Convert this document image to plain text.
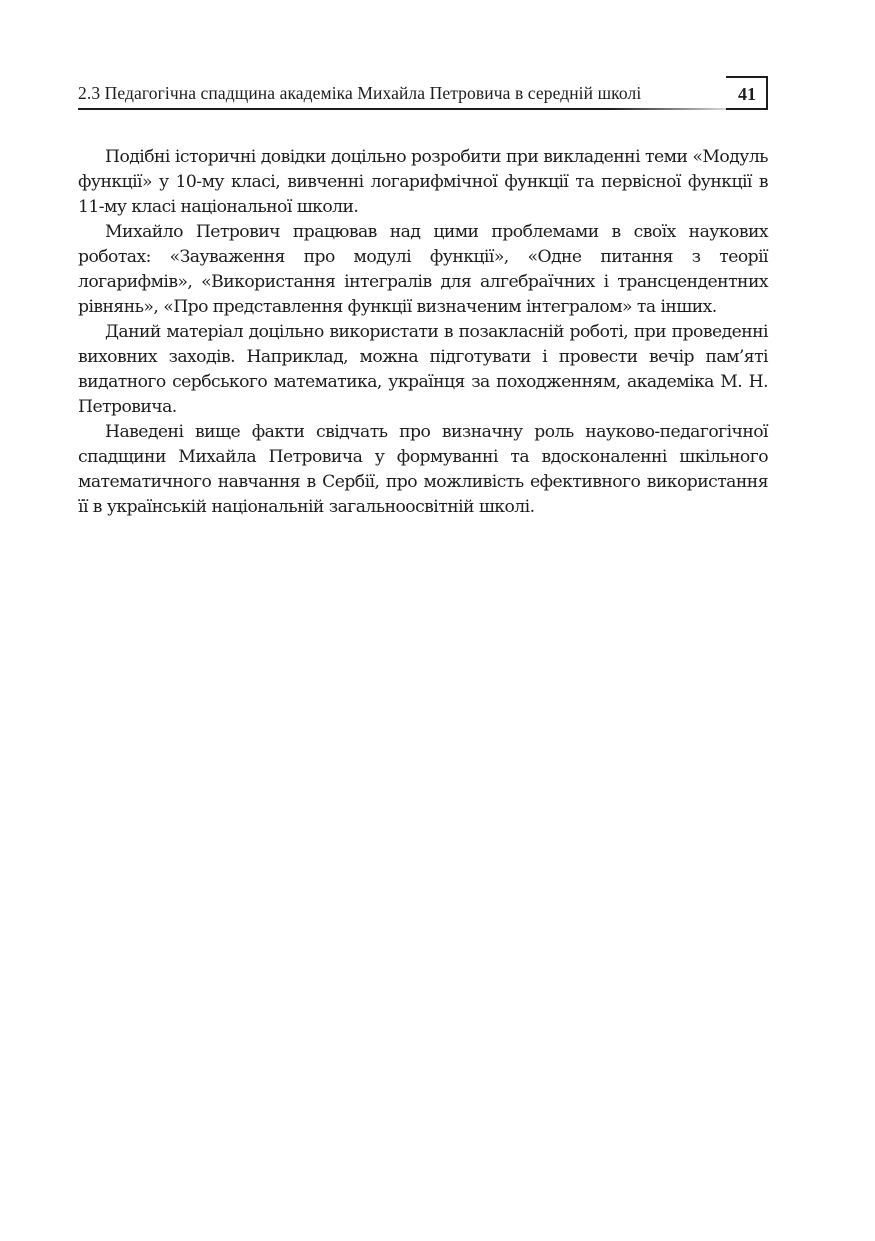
2.3 Педагогічна спадщина академіка Михайла Петровича в середній школі	41

Подібні історичні довідки доцільно розробити при викладенні теми «Модуль функції» у 10-му класі, вивченні логарифмічної функції та первісної функції в 11-му класі національної школи.

Михайло Петрович працював над цими проблемами в своїх наукових роботах: «Зауваження про модулі функції», «Одне питання з теорії логарифмів», «Використання інтегралів для алгебраїчних і трансцендентних рівнянь», «Про представлення функції визначеним інтегралом» та інших.

Даний матеріал доцільно використати в позакласній роботі, при проведенні виховних заходів. Наприклад, можна підготувати і провести вечір пам’яті видатного сербського математика, українця за походженням, академіка М. Н. Петровича.

Наведені вище факти свідчать про визначну роль науково-педагогічної спадщини Михайла Петровича у формуванні та вдосконаленні шкільного математичного навчання в Сербії, про можливість ефективного використання її в українській національній загальноосвітній школі.
